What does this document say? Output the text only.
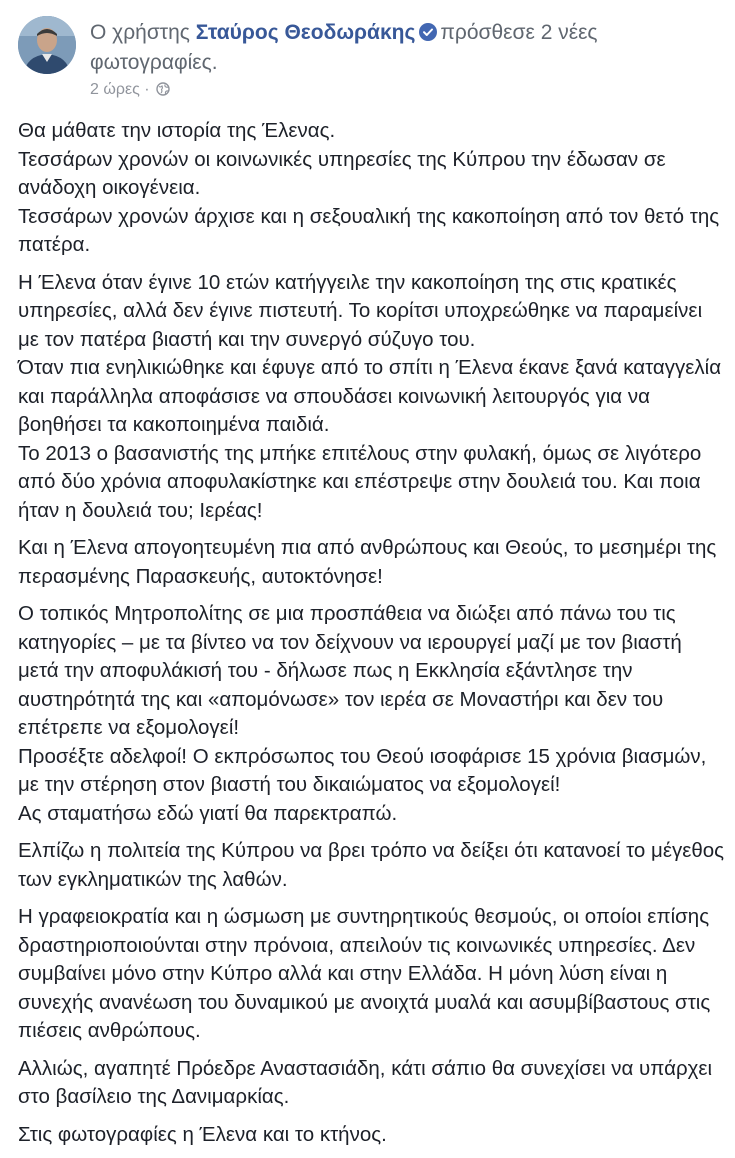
Ο χρήστης Σταύρος Θεοδωράκης πρόσθεσε 2 νέες φωτογραφίες.
2 ώρες ·

Θα μάθατε την ιστορία της Έλενας.
Τεσσάρων χρονών οι κοινωνικές υπηρεσίες της Κύπρου την έδωσαν σε ανάδοχη οικογένεια.
Τεσσάρων χρονών άρχισε και η σεξουαλική της κακοποίηση από τον θετό της πατέρα.

Η Έλενα όταν έγινε 10 ετών κατήγγειλε την κακοποίηση της στις κρατικές υπηρεσίες, αλλά δεν έγινε πιστευτή. Το κορίτσι υποχρεώθηκε να παραμείνει με τον πατέρα βιαστή και την συνεργό σύζυγο του.
Όταν πια ενηλικιώθηκε και έφυγε από το σπίτι η Έλενα έκανε ξανά καταγγελία και παράλληλα αποφάσισε να σπουδάσει κοινωνική λειτουργός για να βοηθήσει τα κακοποιημένα παιδιά.
Το 2013 ο βασανιστής της μπήκε επιτέλους στην φυλακή, όμως σε λιγότερο από δύο χρόνια αποφυλακίστηκε και επέστρεψε στην δουλειά του. Και ποια ήταν η δουλειά του; Ιερέας!

Και η Έλενα απογοητευμένη πια από ανθρώπους και Θεούς, το μεσημέρι της περασμένης Παρασκευής, αυτοκτόνησε!

Ο τοπικός Μητροπολίτης σε μια προσπάθεια να διώξει από πάνω του τις κατηγορίες – με τα βίντεο να τον δείχνουν να ιερουργεί μαζί με τον βιαστή μετά την αποφυλάκισή του - δήλωσε πως η Εκκλησία εξάντλησε την αυστηρότητά της και «απομόνωσε» τον ιερέα σε Μοναστήρι και δεν του επέτρεπε να εξομολογεί!
Προσέξτε αδελφοί! Ο εκπρόσωπος του Θεού ισοφάρισε 15 χρόνια βιασμών, με την στέρηση στον βιαστή του δικαιώματος να εξομολογεί!
Ας σταματήσω εδώ γιατί θα παρεκτραπώ.

Ελπίζω η πολιτεία της Κύπρου να βρει τρόπο να δείξει ότι κατανοεί το μέγεθος των εγκληματικών της λαθών.

Η γραφειοκρατία και η ώσμωση με συντηρητικούς θεσμούς, οι οποίοι επίσης δραστηριοποιούνται στην πρόνοια, απειλούν τις κοινωνικές υπηρεσίες. Δεν συμβαίνει μόνο στην Κύπρο αλλά και στην Ελλάδα. Η μόνη λύση είναι η συνεχής ανανέωση του δυναμικού με ανοιχτά μυαλά και ασυμβίβαστους στις πιέσεις ανθρώπους.

Αλλιώς, αγαπητέ Πρόεδρε Αναστασιάδη, κάτι σάπιο θα συνεχίσει να υπάρχει στο βασίλειο της Δανιμαρκίας.

Στις φωτογραφίες η Έλενα και το κτήνος.
